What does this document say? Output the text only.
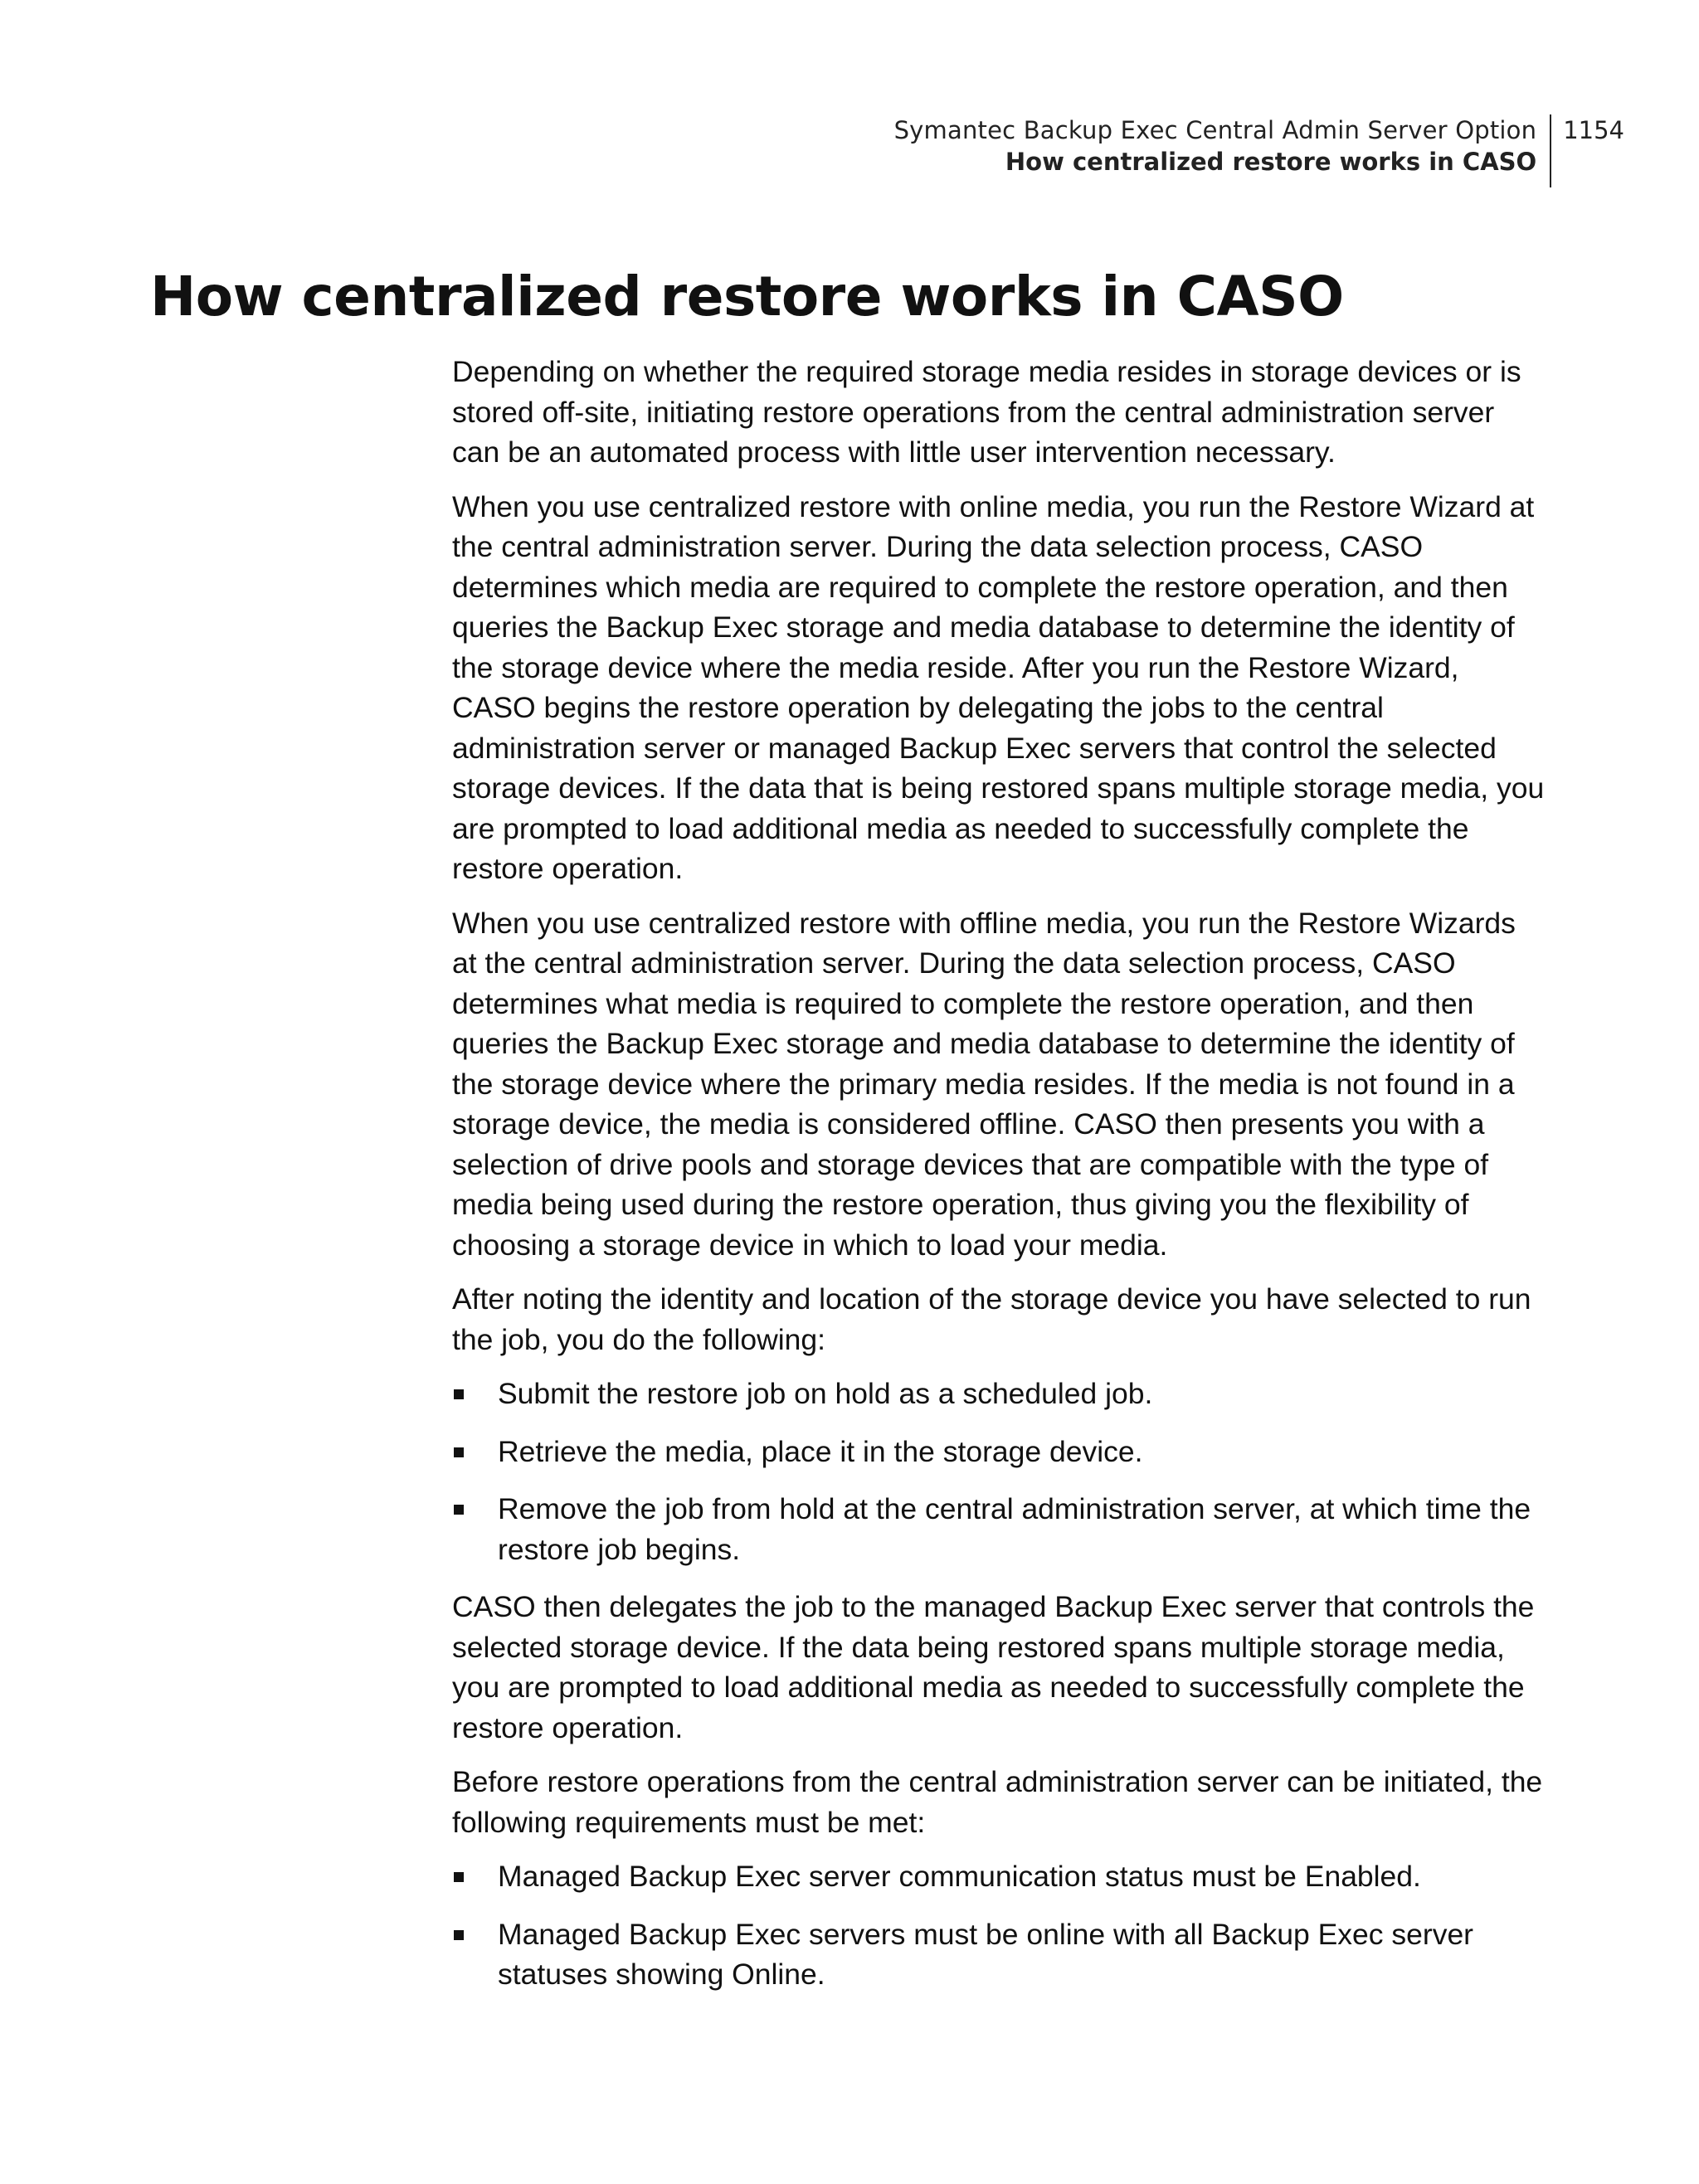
Symantec Backup Exec Central Admin Server Option
How centralized restore works in CASO
1154
How centralized restore works in CASO

Depending on whether the required storage media resides in storage devices or is stored off-site, initiating restore operations from the central administration server can be an automated process with little user intervention necessary.

When you use centralized restore with online media, you run the Restore Wizard at the central administration server. During the data selection process, CASO determines which media are required to complete the restore operation, and then queries the Backup Exec storage and media database to determine the identity of the storage device where the media reside. After you run the Restore Wizard, CASO begins the restore operation by delegating the jobs to the central administration server or managed Backup Exec servers that control the selected storage devices. If the data that is being restored spans multiple storage media, you are prompted to load additional media as needed to successfully complete the restore operation.

When you use centralized restore with offline media, you run the Restore Wizards at the central administration server. During the data selection process, CASO determines what media is required to complete the restore operation, and then queries the Backup Exec storage and media database to determine the identity of the storage device where the primary media resides. If the media is not found in a storage device, the media is considered offline. CASO then presents you with a selection of drive pools and storage devices that are compatible with the type of media being used during the restore operation, thus giving you the flexibility of choosing a storage device in which to load your media.

After noting the identity and location of the storage device you have selected to run the job, you do the following:

Submit the restore job on hold as a scheduled job.
Retrieve the media, place it in the storage device.
Remove the job from hold at the central administration server, at which time the restore job begins.

CASO then delegates the job to the managed Backup Exec server that controls the selected storage device. If the data being restored spans multiple storage media, you are prompted to load additional media as needed to successfully complete the restore operation.

Before restore operations from the central administration server can be initiated, the following requirements must be met:

Managed Backup Exec server communication status must be Enabled.
Managed Backup Exec servers must be online with all Backup Exec server statuses showing Online.
